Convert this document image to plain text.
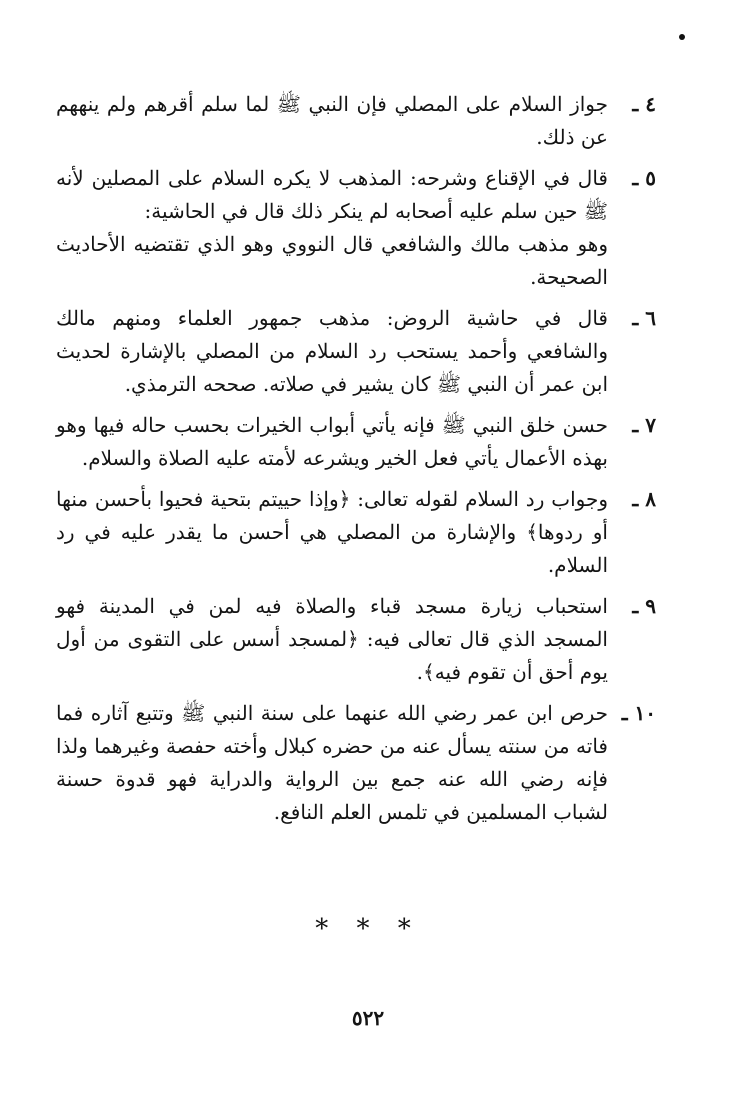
٤ ـ

جواز السلام على المصلي فإن النبي ﷺ لما سلم أقرهم ولم ينههم عن ذلك.

٥ ـ

قال في الإقناع وشرحه: المذهب لا يكره السلام على المصلين لأنه ﷺ حين سلم عليه أصحابه لم ينكر ذلك قال في الحاشية:

وهو مذهب مالك والشافعي قال النووي وهو الذي تقتضيه الأحاديث الصحيحة.

٦ ـ

قال في حاشية الروض: مذهب جمهور العلماء ومنهم مالك والشافعي وأحمد يستحب رد السلام من المصلي بالإشارة لحديث ابن عمر أن النبي ﷺ كان يشير في صلاته. صححه الترمذي.

٧ ـ

حسن خلق النبي ﷺ فإنه يأتي أبواب الخيرات بحسب حاله فيها وهو بهذه الأعمال يأتي فعل الخير ويشرعه لأمته عليه الصلاة والسلام.

٨ ـ

وجواب رد السلام لقوله تعالى: ﴿وإذا حييتم بتحية فحيوا بأحسن منها أو ردوها﴾ والإشارة من المصلي هي أحسن ما يقدر عليه في رد السلام.

٩ ـ

استحباب زيارة مسجد قباء والصلاة فيه لمن في المدينة فهو المسجد الذي قال تعالى فيه: ﴿لمسجد أسس على التقوى من أول يوم أحق أن تقوم فيه﴾.

١٠ ـ

حرص ابن عمر رضي الله عنهما على سنة النبي ﷺ وتتبع آثاره فما فاته من سنته يسأل عنه من حضره كبلال وأخته حفصة وغيرهما ولذا فإنه رضي الله عنه جمع بين الرواية والدراية فهو قدوة حسنة لشباب المسلمين في تلمس العلم النافع.

* * *
٥٢٢
